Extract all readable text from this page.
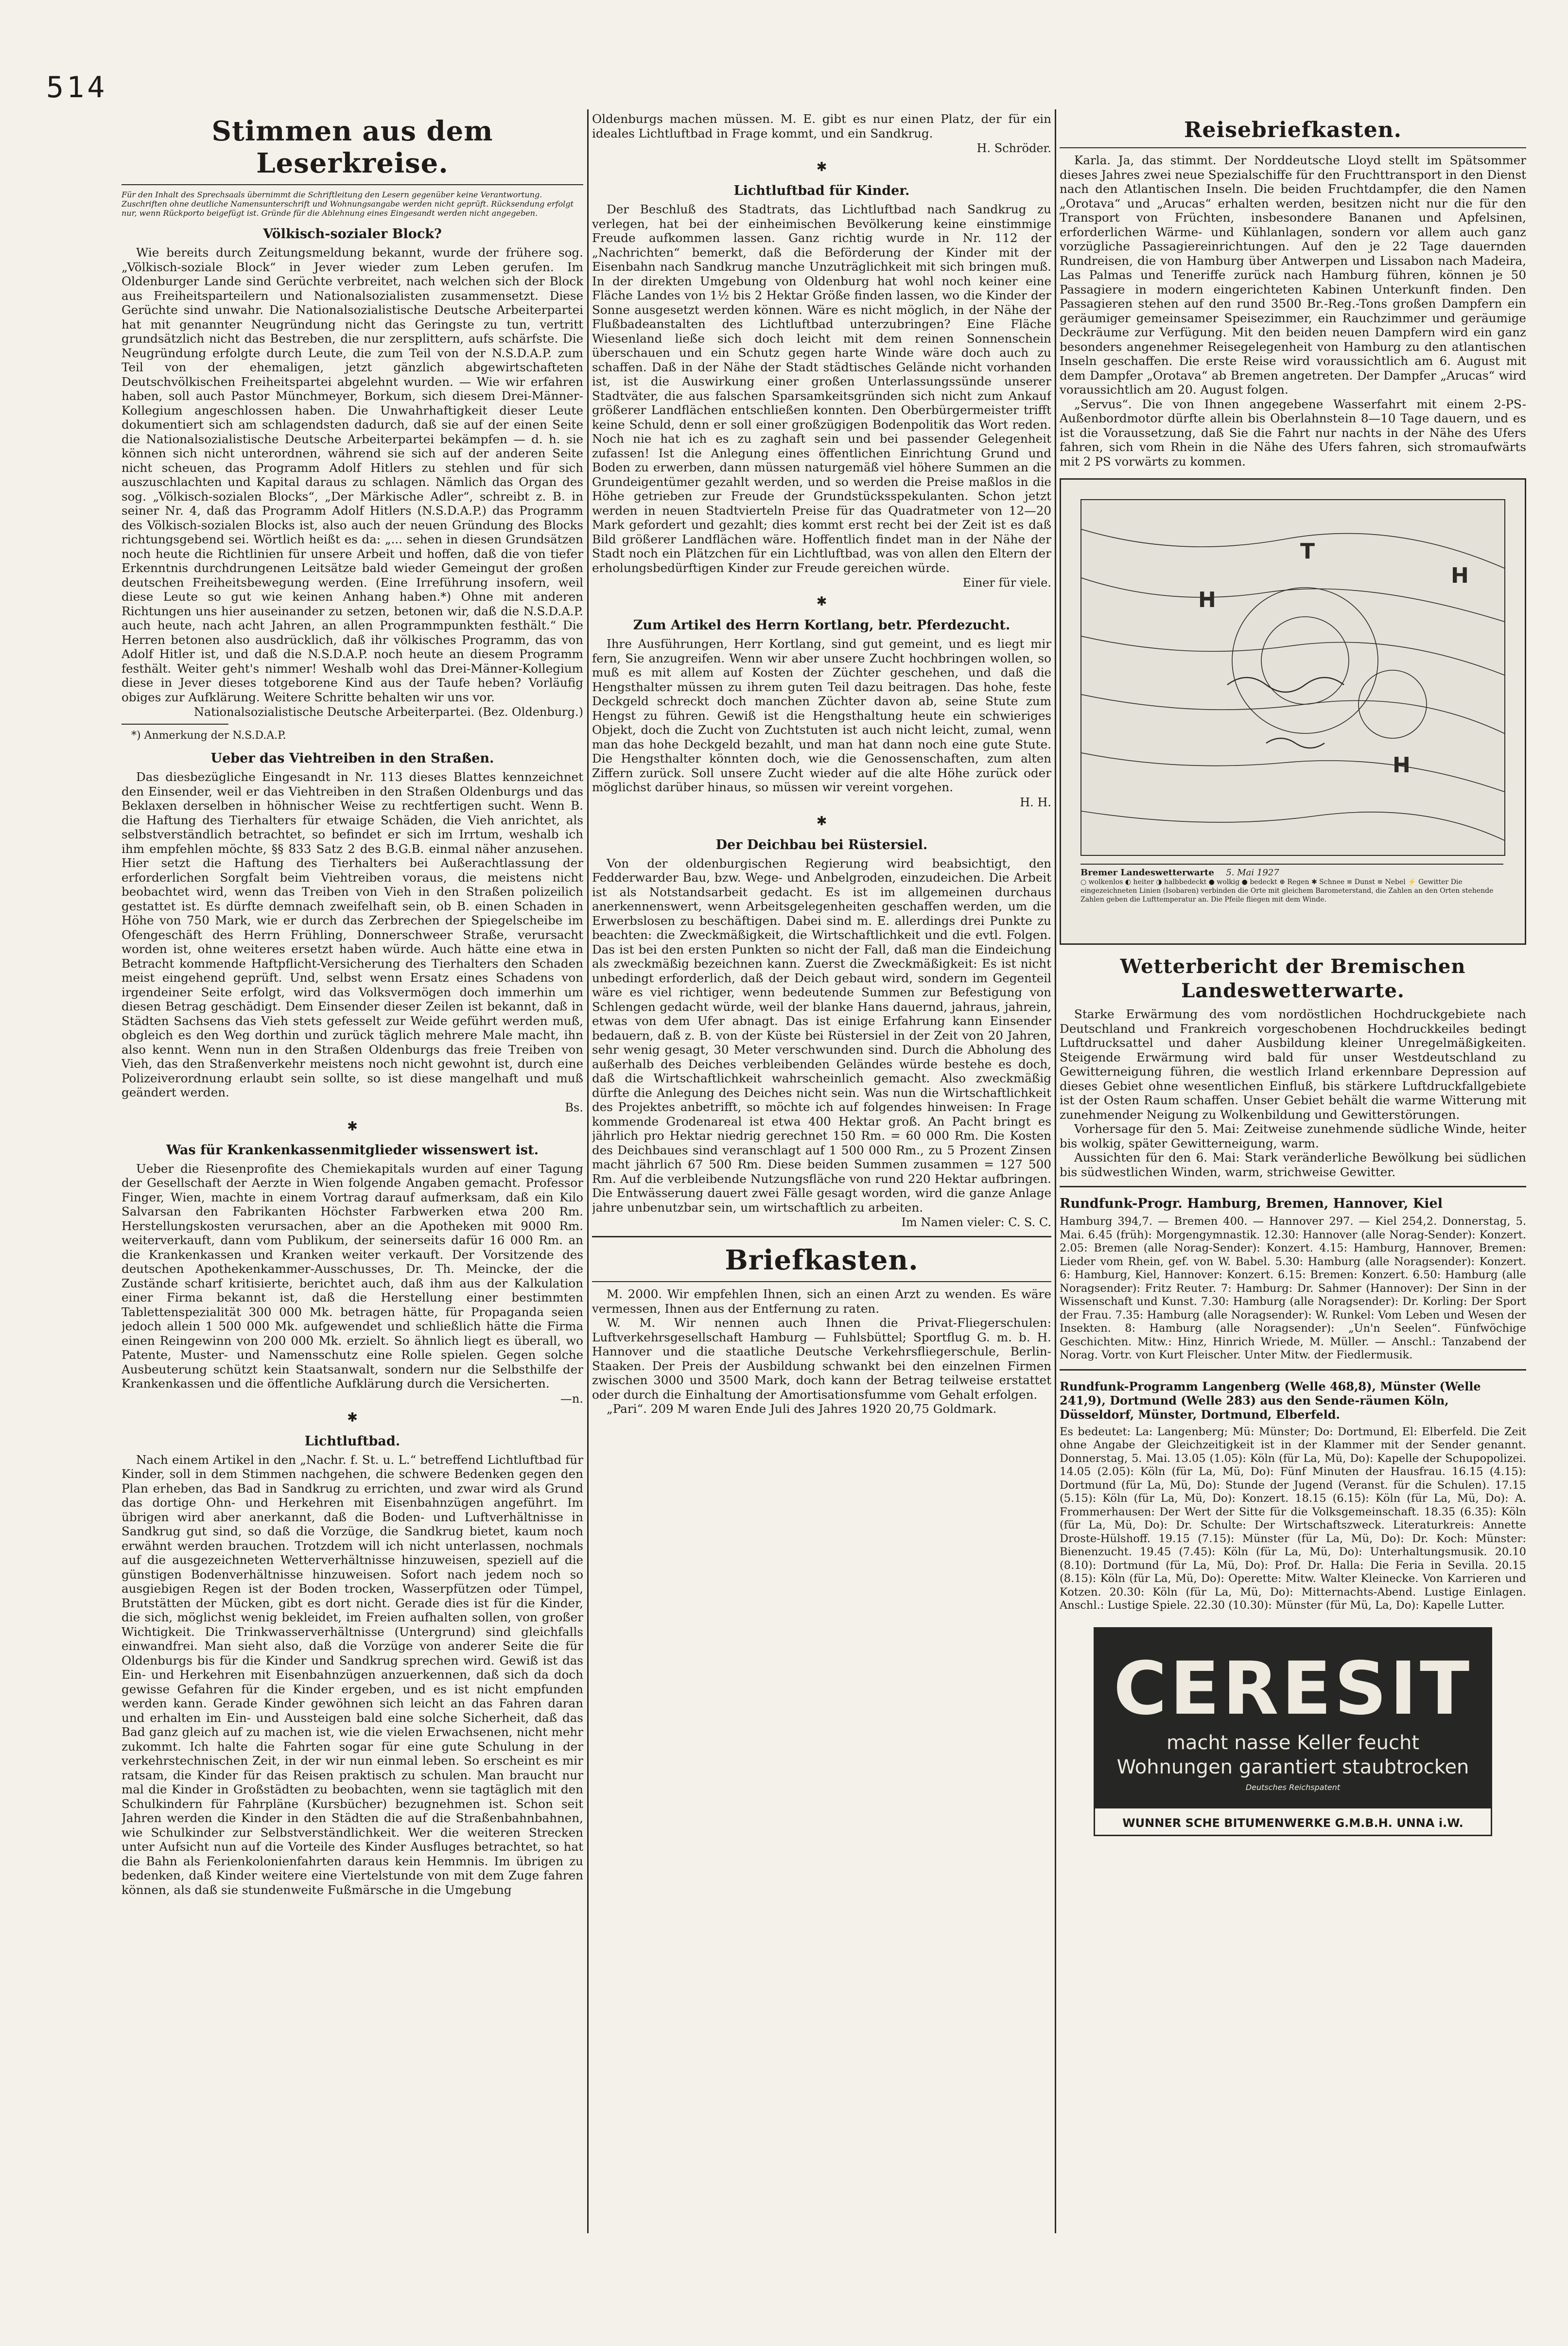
514
Stimmen aus dem Leserkreise.
Für den Inhalt des Sprechsaals übernimmt die Schriftleitung den Lesern gegenüber keine Verantwortung. Zuschriften ohne deutliche Namensunterschrift und Wohnungsangabe werden nicht geprüft. Rücksendung erfolgt nur, wenn Rückporto beigefügt ist. Gründe für die Ablehnung eines Eingesandt werden nicht angegeben.
Völkisch-sozialer Block?

Wie bereits durch Zeitungsmeldung bekannt, wurde der frühere sog. „Völkisch-soziale Block“ in Jever wieder zum Leben gerufen. Im Oldenburger Lande sind Gerüchte verbreitet, nach welchen sich der Block aus Freiheitsparteilern und Nationalsozialisten zusammensetzt. Diese Gerüchte sind unwahr. Die Nationalsozialistische Deutsche Arbeiterpartei hat mit genannter Neugründung nicht das Geringste zu tun, vertritt grundsätzlich nicht das Bestreben, die nur zersplittern, aufs schärfste. Die Neugründung erfolgte durch Leute, die zum Teil von der N.S.D.A.P. zum Teil von der ehemaligen, jetzt gänzlich abgewirtschafteten Deutschvölkischen Freiheitspartei abgelehnt wurden. — Wie wir erfahren haben, soll auch Pastor Münchmeyer, Borkum, sich diesem Drei-Männer-Kollegium angeschlossen haben. Die Unwahrhaftigkeit dieser Leute dokumentiert sich am schlagendsten dadurch, daß sie auf der einen Seite die Nationalsozialistische Deutsche Arbeiterpartei bekämpfen — d. h. sie können sich nicht unterordnen, während sie sich auf der anderen Seite nicht scheuen, das Programm Adolf Hitlers zu stehlen und für sich auszuschlachten und Kapital daraus zu schlagen. Nämlich das Organ des sog. „Völkisch-sozialen Blocks“, „Der Märkische Adler“, schreibt z. B. in seiner Nr. 4, daß das Programm Adolf Hitlers (N.S.D.A.P.) das Programm des Völkisch-sozialen Blocks ist, also auch der neuen Gründung des Blocks richtungsgebend sei. Wörtlich heißt es da: „... sehen in diesen Grundsätzen noch heute die Richtlinien für unsere Arbeit und hoffen, daß die von tiefer Erkenntnis durchdrungenen Leitsätze bald wieder Gemeingut der großen deutschen Freiheitsbewegung werden. (Eine Irreführung insofern, weil diese Leute so gut wie keinen Anhang haben.*) Ohne mit anderen Richtungen uns hier auseinander zu setzen, betonen wir, daß die N.S.D.A.P. auch heute, nach acht Jahren, an allen Programmpunkten festhält.“ Die Herren betonen also ausdrücklich, daß ihr völkisches Programm, das von Adolf Hitler ist, und daß die N.S.D.A.P. noch heute an diesem Programm festhält. Weiter geht's nimmer! Weshalb wohl das Drei-Männer-Kollegium diese in Jever dieses totgeborene Kind aus der Taufe heben? Vorläufig obiges zur Aufklärung. Weitere Schritte behalten wir uns vor.

Nationalsozialistische Deutsche Arbeiterpartei. (Bez. Oldenburg.)
*) Anmerkung der N.S.D.A.P.
Ueber das Viehtreiben in den Straßen.

Das diesbezügliche Eingesandt in Nr. 113 dieses Blattes kennzeichnet den Einsender, weil er das Viehtreiben in den Straßen Oldenburgs und das Beklaxen derselben in höhnischer Weise zu rechtfertigen sucht. Wenn B. die Haftung des Tierhalters für etwaige Schäden, die Vieh anrichtet, als selbstverständlich betrachtet, so befindet er sich im Irrtum, weshalb ich ihm empfehlen möchte, §§ 833 Satz 2 des B.G.B. einmal näher anzusehen. Hier setzt die Haftung des Tierhalters bei Außerachtlassung der erforderlichen Sorgfalt beim Viehtreiben voraus, die meistens nicht beobachtet wird, wenn das Treiben von Vieh in den Straßen polizeilich gestattet ist. Es dürfte demnach zweifelhaft sein, ob B. einen Schaden in Höhe von 750 Mark, wie er durch das Zerbrechen der Spiegelscheibe im Ofengeschäft des Herrn Frühling, Donnerschweer Straße, verursacht worden ist, ohne weiteres ersetzt haben würde. Auch hätte eine etwa in Betracht kommende Haftpflicht-Versicherung des Tierhalters den Schaden meist eingehend geprüft. Und, selbst wenn Ersatz eines Schadens von irgendeiner Seite erfolgt, wird das Volksvermögen doch immerhin um diesen Betrag geschädigt. Dem Einsender dieser Zeilen ist bekannt, daß in Städten Sachsens das Vieh stets gefesselt zur Weide geführt werden muß, obgleich es den Weg dorthin und zurück täglich mehrere Male macht, ihn also kennt. Wenn nun in den Straßen Oldenburgs das freie Treiben von Vieh, das den Straßenverkehr meistens noch nicht gewohnt ist, durch eine Polizeiverordnung erlaubt sein sollte, so ist diese mangelhaft und muß geändert werden.

Bs.
✱
Was für Krankenkassenmitglieder wissenswert ist.

Ueber die Riesenprofite des Chemiekapitals wurden auf einer Tagung der Gesellschaft der Aerzte in Wien folgende Angaben gemacht. Professor Finger, Wien, machte in einem Vortrag darauf aufmerksam, daß ein Kilo Salvarsan den Fabrikanten Höchster Farbwerken etwa 200 Rm. Herstellungskosten verursachen, aber an die Apotheken mit 9000 Rm. weiterverkauft, dann vom Publikum, der seinerseits dafür 16 000 Rm. an die Krankenkassen und Kranken weiter verkauft. Der Vorsitzende des deutschen Apothekenkammer-Ausschusses, Dr. Th. Meincke, der die Zustände scharf kritisierte, berichtet auch, daß ihm aus der Kalkulation einer Firma bekannt ist, daß die Herstellung einer bestimmten Tablettenspezialität 300 000 Mk. betragen hätte, für Propaganda seien jedoch allein 1 500 000 Mk. aufgewendet und schließlich hätte die Firma einen Reingewinn von 200 000 Mk. erzielt. So ähnlich liegt es überall, wo Patente, Muster- und Namensschutz eine Rolle spielen. Gegen solche Ausbeuterung schützt kein Staatsanwalt, sondern nur die Selbsthilfe der Krankenkassen und die öffentliche Aufklärung durch die Versicherten.

—n.
✱
Lichtluftbad.

Nach einem Artikel in den „Nachr. f. St. u. L.“ betreffend Lichtluftbad für Kinder, soll in dem Stimmen nachgehen, die schwere Bedenken gegen den Plan erheben, das Bad in Sandkrug zu errichten, und zwar wird als Grund das dortige Ohn- und Herkehren mit Eisenbahnzügen angeführt. Im übrigen wird aber anerkannt, daß die Boden- und Luftverhältnisse in Sandkrug gut sind, so daß die Vorzüge, die Sandkrug bietet, kaum noch erwähnt werden brauchen. Trotzdem will ich nicht unterlassen, nochmals auf die ausgezeichneten Wetterverhältnisse hinzuweisen, speziell auf die günstigen Bodenverhältnisse hinzuweisen. Sofort nach jedem noch so ausgiebigen Regen ist der Boden trocken, Wasserpfützen oder Tümpel, Brutstätten der Mücken, gibt es dort nicht. Gerade dies ist für die Kinder, die sich, möglichst wenig bekleidet, im Freien aufhalten sollen, von großer Wichtigkeit. Die Trinkwasserverhältnisse (Untergrund) sind gleichfalls einwandfrei. Man sieht also, daß die Vorzüge von anderer Seite die für Oldenburgs bis für die Kinder und Sandkrug sprechen wird. Gewiß ist das Ein- und Herkehren mit Eisenbahnzügen anzuerkennen, daß sich da doch gewisse Gefahren für die Kinder ergeben, und es ist nicht empfunden werden kann. Gerade Kinder gewöhnen sich leicht an das Fahren daran und erhalten im Ein- und Aussteigen bald eine solche Sicherheit, daß das Bad ganz gleich auf zu machen ist, wie die vielen Erwachsenen, nicht mehr zukommt. Ich halte die Fahrten sogar für eine gute Schulung in der verkehrstechnischen Zeit, in der wir nun einmal leben. So erscheint es mir ratsam, die Kinder für das Reisen praktisch zu schulen. Man braucht nur mal die Kinder in Großstädten zu beobachten, wenn sie tagtäglich mit den Schulkindern für Fahrpläne (Kursbücher) bezugnehmen ist. Schon seit Jahren werden die Kinder in den Städten die auf die Straßenbahnbahnen, wie Schulkinder zur Selbstverständlichkeit. Wer die weiteren Strecken unter Aufsicht nun auf die Vorteile des Kinder Ausfluges betrachtet, so hat die Bahn als Ferienkolonienfahrten daraus kein Hemmnis. Im übrigen zu bedenken, daß Kinder weitere eine Viertelstunde von mit dem Zuge fahren können, als daß sie stundenweite Fußmärsche in die Umgebung

Oldenburgs machen müssen. M. E. gibt es nur einen Platz, der für ein ideales Lichtluftbad in Frage kommt, und ein Sandkrug.

H. Schröder.
✱
Lichtluftbad für Kinder.

Der Beschluß des Stadtrats, das Lichtluftbad nach Sandkrug zu verlegen, hat bei der einheimischen Bevölkerung keine einstimmige Freude aufkommen lassen. Ganz richtig wurde in Nr. 112 der „Nachrichten“ bemerkt, daß die Beförderung der Kinder mit der Eisenbahn nach Sandkrug manche Unzuträglichkeit mit sich bringen muß. In der direkten Umgebung von Oldenburg hat wohl noch keiner eine Fläche Landes von 1½ bis 2 Hektar Größe finden lassen, wo die Kinder der Sonne ausgesetzt werden können. Wäre es nicht möglich, in der Nähe der Flußbadeanstalten des Lichtluftbad unterzubringen? Eine Fläche Wiesenland ließe sich doch leicht mit dem reinen Sonnenschein überschauen und ein Schutz gegen harte Winde wäre doch auch zu schaffen. Daß in der Nähe der Stadt städtisches Gelände nicht vorhanden ist, ist die Auswirkung einer großen Unterlassungssünde unserer Stadtväter, die aus falschen Sparsamkeitsgründen sich nicht zum Ankauf größerer Landflächen entschließen konnten. Den Oberbürgermeister trifft keine Schuld, denn er soll einer großzügigen Bodenpolitik das Wort reden. Noch nie hat ich es zu zaghaft sein und bei passender Gelegenheit zufassen! Ist die Anlegung eines öffentlichen Einrichtung Grund und Boden zu erwerben, dann müssen naturgemäß viel höhere Summen an die Grundeigentümer gezahlt werden, und so werden die Preise maßlos in die Höhe getrieben zur Freude der Grundstücksspekulanten. Schon jetzt werden in neuen Stadtvierteln Preise für das Quadratmeter von 12—20 Mark gefordert und gezahlt; dies kommt erst recht bei der Zeit ist es daß Bild größerer Landflächen wäre. Hoffentlich findet man in der Nähe der Stadt noch ein Plätzchen für ein Lichtluftbad, was von allen den Eltern der erholungsbedürftigen Kinder zur Freude gereichen würde.

Einer für viele.
✱
Zum Artikel des Herrn Kortlang, betr. Pferdezucht.

Ihre Ausführungen, Herr Kortlang, sind gut gemeint, und es liegt mir fern, Sie anzugreifen. Wenn wir aber unsere Zucht hochbringen wollen, so muß es mit allem auf Kosten der Züchter geschehen, und daß die Hengsthalter müssen zu ihrem guten Teil dazu beitragen. Das hohe, feste Deckgeld schreckt doch manchen Züchter davon ab, seine Stute zum Hengst zu führen. Gewiß ist die Hengsthaltung heute ein schwieriges Objekt, doch die Zucht von Zuchtstuten ist auch nicht leicht, zumal, wenn man das hohe Deckgeld bezahlt, und man hat dann noch eine gute Stute. Die Hengsthalter könnten doch, wie die Genossenschaften, zum alten Ziffern zurück. Soll unsere Zucht wieder auf die alte Höhe zurück oder möglichst darüber hinaus, so müssen wir vereint vorgehen.

H. H.
✱
Der Deichbau bei Rüstersiel.

Von der oldenburgischen Regierung wird beabsichtigt, den Fedderwarder Bau, bzw. Wege- und Anbelgroden, einzudeichen. Die Arbeit ist als Notstandsarbeit gedacht. Es ist im allgemeinen durchaus anerkennenswert, wenn Arbeitsgelegenheiten geschaffen werden, um die Erwerbslosen zu beschäftigen. Dabei sind m. E. allerdings drei Punkte zu beachten: die Zweckmäßigkeit, die Wirtschaftlichkeit und die evtl. Folgen. Das ist bei den ersten Punkten so nicht der Fall, daß man die Eindeichung als zweckmäßig bezeichnen kann. Zuerst die Zweckmäßigkeit: Es ist nicht unbedingt erforderlich, daß der Deich gebaut wird, sondern im Gegenteil wäre es viel richtiger, wenn bedeutende Summen zur Befestigung von Schlengen gedacht würde, weil der blanke Hans dauernd, jahraus, jahrein, etwas von dem Ufer abnagt. Das ist einige Erfahrung kann Einsender bedauern, daß z. B. von der Küste bei Rüstersiel in der Zeit von 20 Jahren, sehr wenig gesagt, 30 Meter verschwunden sind. Durch die Abholung des außerhalb des Deiches verbleibenden Geländes würde bestehe es doch, daß die Wirtschaftlichkeit wahrscheinlich gemacht. Also zweckmäßig dürfte die Anlegung des Deiches nicht sein. Was nun die Wirtschaftlichkeit des Projektes anbetrifft, so möchte ich auf folgendes hinweisen: In Frage kommende Grodenareal ist etwa 400 Hektar groß. An Pacht bringt es jährlich pro Hektar niedrig gerechnet 150 Rm. = 60 000 Rm. Die Kosten des Deichbaues sind veranschlagt auf 1 500 000 Rm., zu 5 Prozent Zinsen macht jährlich 67 500 Rm. Diese beiden Summen zusammen = 127 500 Rm. Auf die verbleibende Nutzungsfläche von rund 220 Hektar aufbringen. Die Entwässerung dauert zwei Fälle gesagt worden, wird die ganze Anlage jahre unbenutzbar sein, um wirtschaftlich zu arbeiten.

Im Namen vieler: C. S. C.
Briefkasten.

M. 2000. Wir empfehlen Ihnen, sich an einen Arzt zu wenden. Es wäre vermessen, Ihnen aus der Entfernung zu raten.

W. M. Wir nennen auch Ihnen die Privat-Fliegerschulen: Luftverkehrsgesellschaft Hamburg — Fuhlsbüttel; Sportflug G. m. b. H. Hannover und die staatliche Deutsche Verkehrsfliegerschule, Berlin-Staaken. Der Preis der Ausbildung schwankt bei den einzelnen Firmen zwischen 3000 und 3500 Mark, doch kann der Betrag teilweise erstattet oder durch die Einhaltung der Amortisationsfumme vom Gehalt erfolgen.

„Pari“. 209 M waren Ende Juli des Jahres 1920 20,75 Goldmark.

Reisebriefkasten.

Karla. Ja, das stimmt. Der Norddeutsche Lloyd stellt im Spätsommer dieses Jahres zwei neue Spezialschiffe für den Fruchttransport in den Dienst nach den Atlantischen Inseln. Die beiden Fruchtdampfer, die den Namen „Orotava“ und „Arucas“ erhalten werden, besitzen nicht nur die für den Transport von Früchten, insbesondere Bananen und Apfelsinen, erforderlichen Wärme- und Kühlanlagen, sondern vor allem auch ganz vorzügliche Passagiereinrichtungen. Auf den je 22 Tage dauernden Rundreisen, die von Hamburg über Antwerpen und Lissabon nach Madeira, Las Palmas und Teneriffe zurück nach Hamburg führen, können je 50 Passagiere in modern eingerichteten Kabinen Unterkunft finden. Den Passagieren stehen auf den rund 3500 Br.-Reg.-Tons großen Dampfern ein geräumiger gemeinsamer Speisezimmer, ein Rauchzimmer und geräumige Deckräume zur Verfügung. Mit den beiden neuen Dampfern wird ein ganz besonders angenehmer Reisegelegenheit von Hamburg zu den atlantischen Inseln geschaffen. Die erste Reise wird voraussichtlich am 6. August mit dem Dampfer „Orotava“ ab Bremen angetreten. Der Dampfer „Arucas“ wird voraussichtlich am 20. August folgen.

„Servus“. Die von Ihnen angegebene Wasserfahrt mit einem 2-PS-Außenbordmotor dürfte allein bis Oberlahnstein 8—10 Tage dauern, und es ist die Voraussetzung, daß Sie die Fahrt nur nachts in der Nähe des Ufers fahren, sich vom Rhein in die Nähe des Ufers fahren, sich stromaufwärts mit 2 PS vorwärts zu kommen.

H
H
T
H
Bremer Landeswetterwarte 5. Mai 1927
○ wolkenlos ◐ heiter ◑ halbbedeckt ● wolkig ● bedeckt ⊕ Regen ✱ Schnee ≡ Dunst ≡ Nebel ⚡ Gewitter Die eingezeichneten Linien (Isobaren) verbinden die Orte mit gleichem Barometerstand, die Zahlen an den Orten stehende Zahlen geben die Lufttemperatur an. Die Pfeile fliegen mit dem Winde.
Wetterbericht der Bremischen Landeswetterwarte.

Starke Erwärmung des vom nordöstlichen Hochdruckgebiete nach Deutschland und Frankreich vorgeschobenen Hochdruckkeiles bedingt Luftdrucksattel und daher Ausbildung kleiner Unregelmäßigkeiten. Steigende Erwärmung wird bald für unser Westdeutschland zu Gewitterneigung führen, die westlich Irland erkennbare Depression auf dieses Gebiet ohne wesentlichen Einfluß, bis stärkere Luftdruckfallgebiete ist der Osten Raum schaffen. Unser Gebiet behält die warme Witterung mit zunehmender Neigung zu Wolkenbildung und Gewitterstörungen.

Vorhersage für den 5. Mai: Zeitweise zunehmende südliche Winde, heiter bis wolkig, später Gewitterneigung, warm.

Aussichten für den 6. Mai: Stark veränderliche Bewölkung bei südlichen bis südwestlichen Winden, warm, strichweise Gewitter.

Rundfunk-Progr. Hamburg, Bremen, Hannover, Kiel

Hamburg 394,7. — Bremen 400. — Hannover 297. — Kiel 254,2. Donnerstag, 5. Mai. 6.45 (früh): Morgengymnastik. 12.30: Hannover (alle Norag-Sender): Konzert. 2.05: Bremen (alle Norag-Sender): Konzert. 4.15: Hamburg, Hannover, Bremen: Lieder vom Rhein, gef. von W. Babel. 5.30: Hamburg (alle Noragsender): Konzert. 6: Hamburg, Kiel, Hannover: Konzert. 6.15: Bremen: Konzert. 6.50: Hamburg (alle Noragsender): Fritz Reuter. 7: Hamburg: Dr. Sahmer (Hannover): Der Sinn in der Wissenschaft und Kunst. 7.30: Hamburg (alle Noragsender): Dr. Korling: Der Sport der Frau. 7.35: Hamburg (alle Noragsender): W. Runkel: Vom Leben und Wesen der Insekten. 8: Hamburg (alle Noragsender): „Un'n Seelen“. Fünfwöchige Geschichten. Mitw.: Hinz, Hinrich Wriede, M. Müller. — Anschl.: Tanzabend der Norag. Vortr. von Kurt Fleischer. Unter Mitw. der Fiedlermusik.

Rundfunk-Programm Langenberg (Welle 468,8), Münster (Welle 241,9), Dortmund (Welle 283) aus den Sende-räumen Köln, Düsseldorf, Münster, Dortmund, Elberfeld.

Es bedeutet: La: Langenberg; Mü: Münster; Do: Dortmund, El: Elberfeld. Die Zeit ohne Angabe der Gleichzeitigkeit ist in der Klammer mit der Sender genannt. Donnerstag, 5. Mai. 13.05 (1.05): Köln (für La, Mü, Do): Kapelle der Schupopolizei. 14.05 (2.05): Köln (für La, Mü, Do): Fünf Minuten der Hausfrau. 16.15 (4.15): Dortmund (für La, Mü, Do): Stunde der Jugend (Veranst. für die Schulen). 17.15 (5.15): Köln (für La, Mü, Do): Konzert. 18.15 (6.15): Köln (für La, Mü, Do): A. Frommerhausen: Der Wert der Sitte für die Volksgemeinschaft. 18.35 (6.35): Köln (für La, Mü, Do): Dr. Schulte: Der Wirtschaftszweck. Literaturkreis: Annette Droste-Hülshoff. 19.15 (7.15): Münster (für La, Mü, Do): Dr. Koch: Münster: Bienenzucht. 19.45 (7.45): Köln (für La, Mü, Do): Unterhaltungsmusik. 20.10 (8.10): Dortmund (für La, Mü, Do): Prof. Dr. Halla: Die Feria in Sevilla. 20.15 (8.15): Köln (für La, Mü, Do): Operette: Mitw. Walter Kleinecke. Von Karrieren und Kotzen. 20.30: Köln (für La, Mü, Do): Mitternachts-Abend. Lustige Einlagen. Anschl.: Lustige Spiele. 22.30 (10.30): Münster (für Mü, La, Do): Kapelle Lutter.

CERESIT
macht nasse Keller feucht
Wohnungen garantiert staubtrocken
Deutsches Reichspatent
WUNNER SCHE BITUMENWERKE G.M.B.H. UNNA i.W.
